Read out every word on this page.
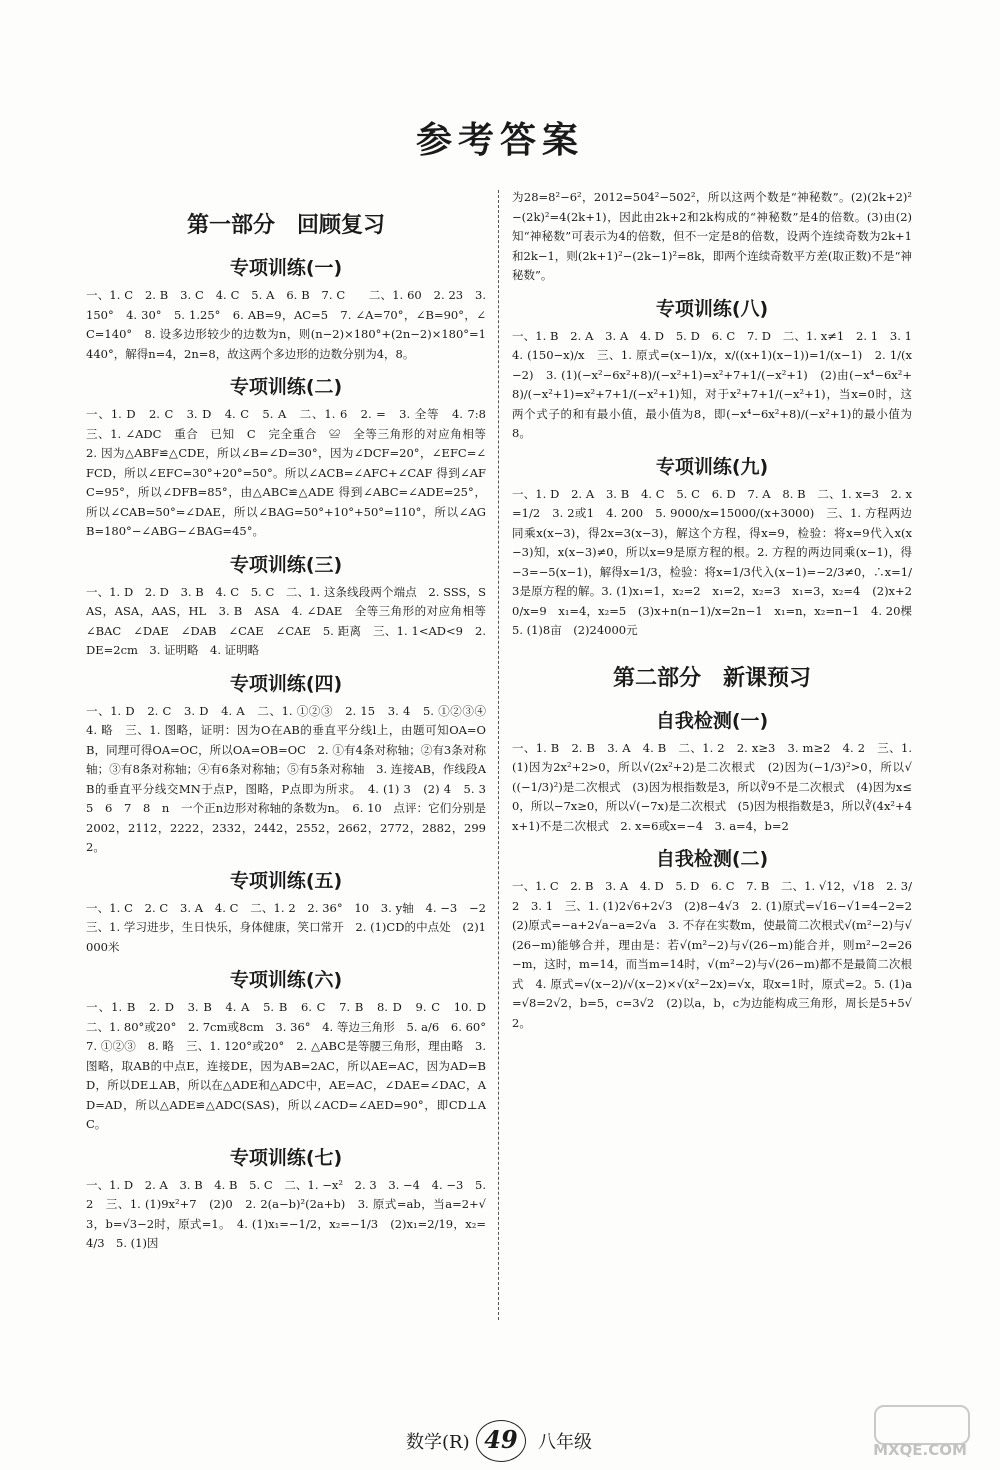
参考答案
第一部分　回顾复习
专项训练(一)
一、1. C　2. B　3. C　4. C　5. A　6. B　7. C　　二、1. 60　2. 23　3. 150°　4. 30°　5. 1.25°　6. AB=9，AC=5　7. ∠A=70°，∠B=90°，∠C=140°　8. 设多边形较少的边数为n，则(n−2)×180°+(2n−2)×180°=1440°，解得n=4，2n=8，故这两个多边形的边数分别为4，8。
专项训练(二)
一、1. D　2. C　3. D　4. C　5. A　二、1. 6　2. =　3. 全等　4. 7:8　三、1. ∠ADC　重合　已知　C　完全重合　≌　全等三角形的对应角相等　2. 因为△ABF≌△CDE，所以∠B=∠D=30°，因为∠DCF=20°，∠EFC=∠FCD，所以∠EFC=30°+20°=50°。所以∠ACB=∠AFC+∠CAF 得到∠AFC=95°，所以∠DFB=85°，由△ABC≌△ADE 得到∠ABC=∠ADE=25°，所以∠CAB=50°=∠DAE，所以∠BAG=50°+10°+50°=110°，所以∠AGB=180°−∠ABG−∠BAG=45°。
专项训练(三)
一、1. D　2. D　3. B　4. C　5. C　二、1. 这条线段两个端点　2. SSS，SAS，ASA，AAS，HL　3. B　ASA　4. ∠DAE　全等三角形的对应角相等　∠BAC　∠DAE　∠DAB　∠CAE　∠CAE　5. 距离　三、1. 1<AD<9　2. DE=2cm　3. 证明略　4. 证明略
专项训练(四)
一、1. D　2. C　3. D　4. A　二、1. ①②③　2. 15　3. 4　5. ①②③④　4. 略　三、1. 图略，证明：因为O在AB的垂直平分线l上，由题可知OA=OB，同理可得OA=OC，所以OA=OB=OC　2. ①有4条对称轴；②有3条对称轴；③有8条对称轴；④有6条对称轴；⑤有5条对称轴　3. 连接AB，作线段AB的垂直平分线交MN于点P，图略，P点即为所求。　4. (1) 3　(2) 4　5. 3　5　6　7　8　n　一个正n边形对称轴的条数为n。　6. 10　点评：它们分别是2002，2112，2222，2332，2442，2552，2662，2772，2882，2992。
专项训练(五)
一、1. C　2. C　3. A　4. C　二、1. 2　2. 36°　10　3. y轴　4. −3　−2　三、1. 学习进步，生日快乐，身体健康，笑口常开　2. (1)CD的中点处　(2)1000米
专项训练(六)
一、1. B　2. D　3. B　4. A　5. B　6. C　7. B　8. D　9. C　10. D　二、1. 80°或20°　2. 7cm或8cm　3. 36°　4. 等边三角形　5. a/6　6. 60°　7. ①②③　8. 略　三、1. 120°或20°　2. △ABC是等腰三角形，理由略　3. 图略，取AB的中点E，连接DE，因为AB=2AC，所以AE=AC，因为AD=BD，所以DE⊥AB，所以在△ADE和△ADC中，AE=AC，∠DAE=∠DAC，AD=AD，所以△ADE≌△ADC(SAS)，所以∠ACD=∠AED=90°，即CD⊥AC。
专项训练(七)
一、1. D　2. A　3. B　4. B　5. C　二、1. −x²　2. 3　3. −4　4. −3　5. 2　三、1. (1)9x²+7　(2)0　2. 2(a−b)²(2a+b)　3. 原式=ab，当a=2+√3，b=√3−2时，原式=1。　4. (1)x₁=−1/2，x₂=−1/3　(2)x₁=2/19，x₂=4/3　5. (1)因
为28=8²−6²，2012=504²−502²，所以这两个数是“神秘数”。(2)(2k+2)²−(2k)²=4(2k+1)，因此由2k+2和2k构成的“神秘数”是4的倍数。(3)由(2)知“神秘数”可表示为4的倍数，但不一定是8的倍数，设两个连续奇数为2k+1和2k−1，则(2k+1)²−(2k−1)²=8k，即两个连续奇数平方差(取正数)不是“神秘数”。
专项训练(八)
一、1. B　2. A　3. A　4. D　5. D　6. C　7. D　二、1. x≠1　2. 1　3. 1　4. (150−x)/x　三、1. 原式=(x−1)/x，x/((x+1)(x−1))=1/(x−1)　2. 1/(x−2)　3. (1)(−x²−6x²+8)/(−x²+1)=x²+7+1/(−x²+1)　(2)由(−x⁴−6x²+8)/(−x²+1)=x²+7+1/(−x²+1)知，对于x²+7+1/(−x²+1)，当x=0时，这两个式子的和有最小值，最小值为8，即(−x⁴−6x²+8)/(−x²+1)的最小值为8。
专项训练(九)
一、1. D　2. A　3. B　4. C　5. C　6. D　7. A　8. B　二、1. x=3　2. x=1/2　3. 2或1　4. 200　5. 9000/x=15000/(x+3000)　三、1. 方程两边同乘x(x−3)，得2x=3(x−3)，解这个方程，得x=9，检验：将x=9代入x(x−3)知，x(x−3)≠0，所以x=9是原方程的根。2. 方程的两边同乘(x−1)，得−3=−5(x−1)，解得x=1/3，检验：将x=1/3代入(x−1)=−2/3≠0，∴x=1/3是原方程的解。3. (1)x₁=1，x₂=2　x₁=2，x₂=3　x₁=3，x₂=4　(2)x+20/x=9　x₁=4，x₂=5　(3)x+n(n−1)/x=2n−1　x₁=n，x₂=n−1　4. 20棵　5. (1)8亩　(2)24000元
第二部分　新课预习
自我检测(一)
一、1. B　2. B　3. A　4. B　二、1. 2　2. x≥3　3. m≥2　4. 2　三、1. (1)因为2x²+2>0，所以√(2x²+2)是二次根式　(2)因为(−1/3)²>0，所以√((−1/3)²)是二次根式　(3)因为根指数是3，所以∛9不是二次根式　(4)因为x≤0，所以−7x≥0，所以√(−7x)是二次根式　(5)因为根指数是3，所以∛(4x²+4x+1)不是二次根式　2. x=6或x=−4　3. a=4，b=2
自我检测(二)
一、1. C　2. B　3. A　4. D　5. D　6. C　7. B　二、1. √12，√18　2. 3/2　3. 1　三、1. (1)2√6+2√3　(2)8−4√3　2. (1)原式=√16−√1=4−2=2　(2)原式=−a+2√a−a=2√a　3. 不存在实数m，使最简二次根式√(m²−2)与√(26−m)能够合并，理由是：若√(m²−2)与√(26−m)能合并，则m²−2=26−m，这时，m=14，而当m=14时，√(m²−2)与√(26−m)都不是最简二次根式　4. 原式=√(x−2)/√(x−2)×√(x²−2x)=√x，取x=1时，原式=2。5. (1)a=√8=2√2，b=5，c=3√2　(2)以a，b，c为边能构成三角形，周长是5+5√2。
数学(R) 49	八年级	MXQE.COM
